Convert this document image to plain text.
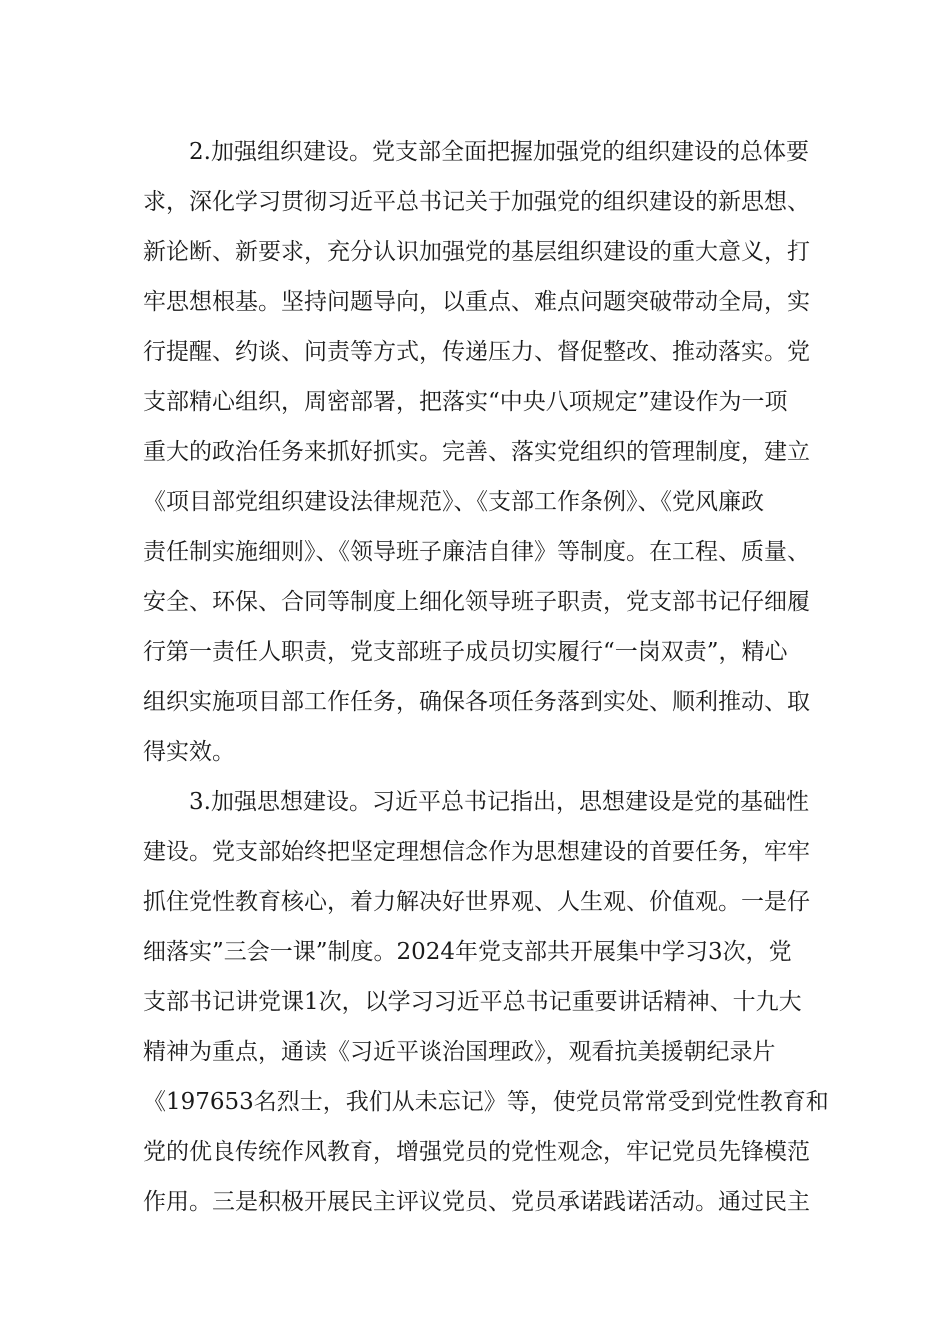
2.加强组织建设。党支部全面把握加强党的组织建设的总体要
求，深化学习贯彻习近平总书记关于加强党的组织建设的新思想、
新论断、新要求，充分认识加强党的基层组织建设的重大意义，打
牢思想根基。坚持问题导向，以重点、难点问题突破带动全局，实
行提醒、约谈、问责等方式，传递压力、督促整改、推动落实。党
支部精心组织，周密部署，把落实“中央八项规定”建设作为一项
重大的政治任务来抓好抓实。完善、落实党组织的管理制度，建立
《项目部党组织建设法律规范》、《支部工作条例》、《党风廉政
责任制实施细则》、《领导班子廉洁自律》等制度。在工程、质量、
安全、环保、合同等制度上细化领导班子职责，党支部书记仔细履
行第一责任人职责，党支部班子成员切实履行“一岗双责”，精心
组织实施项目部工作任务，确保各项任务落到实处、顺利推动、取
得实效。
3.加强思想建设。习近平总书记指出，思想建设是党的基础性
建设。党支部始终把坚定理想信念作为思想建设的首要任务，牢牢
抓住党性教育核心，着力解决好世界观、人生观、价值观。一是仔
细落实”三会一课”制度。2024年党支部共开展集中学习3次，党
支部书记讲党课1次，以学习习近平总书记重要讲话精神、十九大
精神为重点，通读《习近平谈治国理政》，观看抗美援朝纪录片
《197653名烈士，我们从未忘记》等，使党员常常受到党性教育和
党的优良传统作风教育，增强党员的党性观念，牢记党员先锋模范
作用。三是积极开展民主评议党员、党员承诺践诺活动。通过民主
